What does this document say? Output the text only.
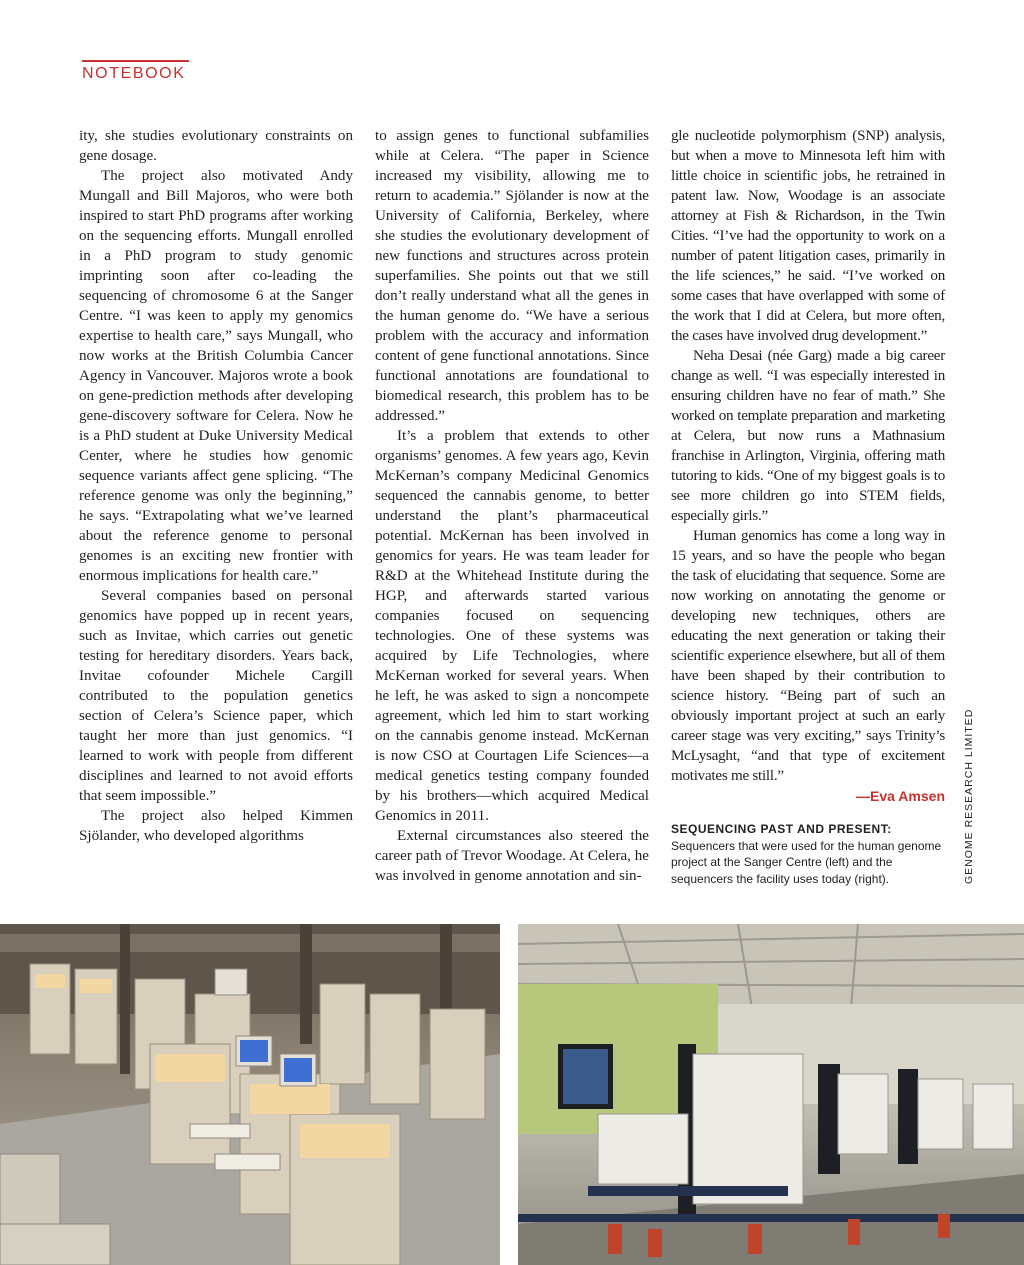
NOTEBOOK

ity, she studies evolutionary constraints on gene dosage.

The project also motivated Andy Mungall and Bill Majoros, who were both inspired to start PhD programs after working on the sequencing efforts. Mungall enrolled in a PhD program to study genomic imprinting soon after co-leading the sequencing of chromosome 6 at the Sanger Centre. “I was keen to apply my genomics expertise to health care,” says Mungall, who now works at the British Columbia Cancer Agency in Vancouver. Majoros wrote a book on gene-prediction methods after developing gene-discovery software for Celera. Now he is a PhD student at Duke University Medical Center, where he studies how genomic sequence variants affect gene splicing. “The reference genome was only the beginning,” he says. “Extrapolating what we’ve learned about the reference genome to personal genomes is an exciting new frontier with enormous implications for health care.”

Several companies based on personal genomics have popped up in recent years, such as Invitae, which carries out genetic testing for hereditary disorders. Years back, Invitae cofounder Michele Cargill contributed to the population genetics section of Celera’s Science paper, which taught her more than just genomics. “I learned to work with people from different disciplines and learned to not avoid efforts that seem impossible.”

The project also helped Kimmen Sjölander, who developed algorithms

to assign genes to functional subfamilies while at Celera. “The paper in Science increased my visibility, allowing me to return to academia.” Sjölander is now at the University of California, Berkeley, where she studies the evolutionary development of new functions and structures across protein superfamilies. She points out that we still don’t really understand what all the genes in the human genome do. “We have a serious problem with the accuracy and information content of gene functional annotations. Since functional annotations are foundational to biomedical research, this problem has to be addressed.”

It’s a problem that extends to other organisms’ genomes. A few years ago, Kevin McKernan’s company Medicinal Genomics sequenced the cannabis genome, to better understand the plant’s pharmaceutical potential. McKernan has been involved in genomics for years. He was team leader for R&D at the Whitehead Institute during the HGP, and afterwards started various companies focused on sequencing technologies. One of these systems was acquired by Life Technologies, where McKernan worked for several years. When he left, he was asked to sign a noncompete agreement, which led him to start working on the cannabis genome instead. McKernan is now CSO at Courtagen Life Sciences—a medical genetics testing company founded by his brothers—which acquired Medical Genomics in 2011.

External circumstances also steered the career path of Trevor Woodage. At Celera, he was involved in genome annotation and sin-

gle nucleotide polymorphism (SNP) analysis, but when a move to Minnesota left him with little choice in scientific jobs, he retrained in patent law. Now, Woodage is an associate attorney at Fish & Richardson, in the Twin Cities. “I’ve had the opportunity to work on a number of patent litigation cases, primarily in the life sciences,” he said. “I’ve worked on some cases that have overlapped with some of the work that I did at Celera, but more often, the cases have involved drug development.”

Neha Desai (née Garg) made a big career change as well. “I was especially interested in ensuring children have no fear of math.” She worked on template preparation and marketing at Celera, but now runs a Mathnasium franchise in Arlington, Virginia, offering math tutoring to kids. “One of my biggest goals is to see more children go into STEM fields, especially girls.”

Human genomics has come a long way in 15 years, and so have the people who began the task of elucidating that sequence. Some are now working on annotating the genome or developing new techniques, others are educating the next generation or taking their scientific experience elsewhere, but all of them have been shaped by their contribution to science history. “Being part of such an obviously important project at such an early career stage was very exciting,” says Trinity’s McLysaght, “and that type of excitement motivates me still.”

—Eva Amsen
SEQUENCING PAST AND PRESENT:
Sequencers that were used for the human genome project at the Sanger Centre (left) and the sequencers the facility uses today (right).	GENOME RESEARCH LIMITED
